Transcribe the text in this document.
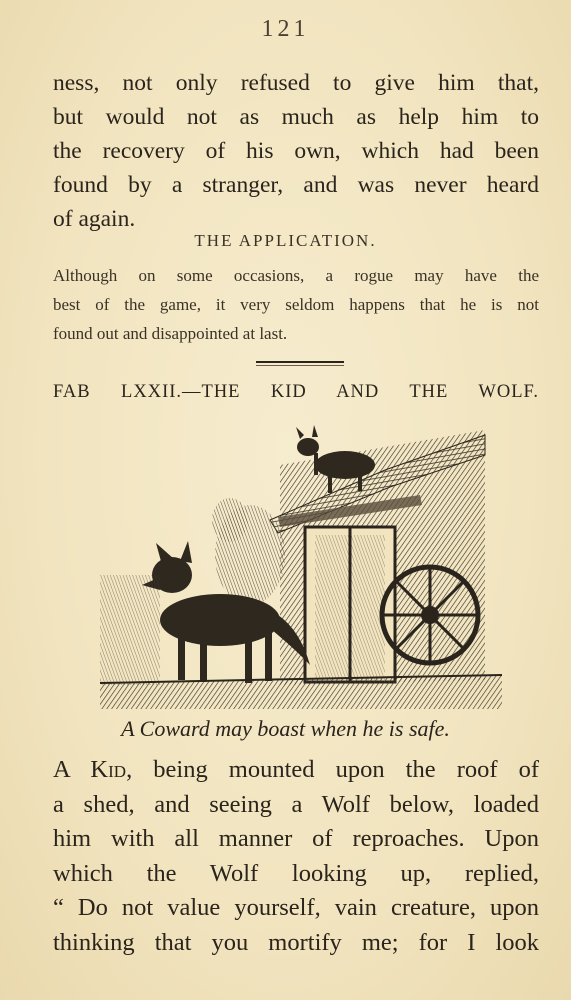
121

ness, not only refused to give him that,
but would not as much as help him to
the recovery of his own, which had been
found by a stranger, and was never heard
of again.

THE APPLICATION.

Although on some occasions, a rogue may have the
best of the game, it very seldom happens that he is not
found out and disappointed at last.

FAB LXXII.—THE KID AND THE WOLF.
A Coward may boast when he is safe.

A Kid, being mounted upon the roof of
a shed, and seeing a Wolf below, loaded
him with all manner of reproaches. Upon
which the Wolf looking up, replied,
“ Do not value yourself, vain creature, upon
thinking that you mortify me; for I look
